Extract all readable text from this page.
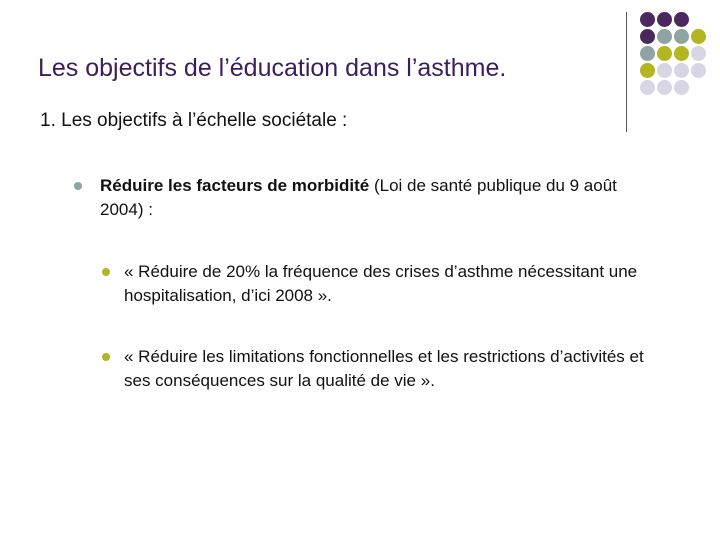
Les objectifs de l’éducation dans l’asthme.
1. Les objectifs à l’échelle sociétale :
Réduire les facteurs de morbidité (Loi de santé publique du 9 août 2004) :
« Réduire de 20% la fréquence des crises d’asthme nécessitant une hospitalisation, d’ici 2008 ».
« Réduire les limitations fonctionnelles et les restrictions d’activités et ses conséquences sur la qualité de vie ».
